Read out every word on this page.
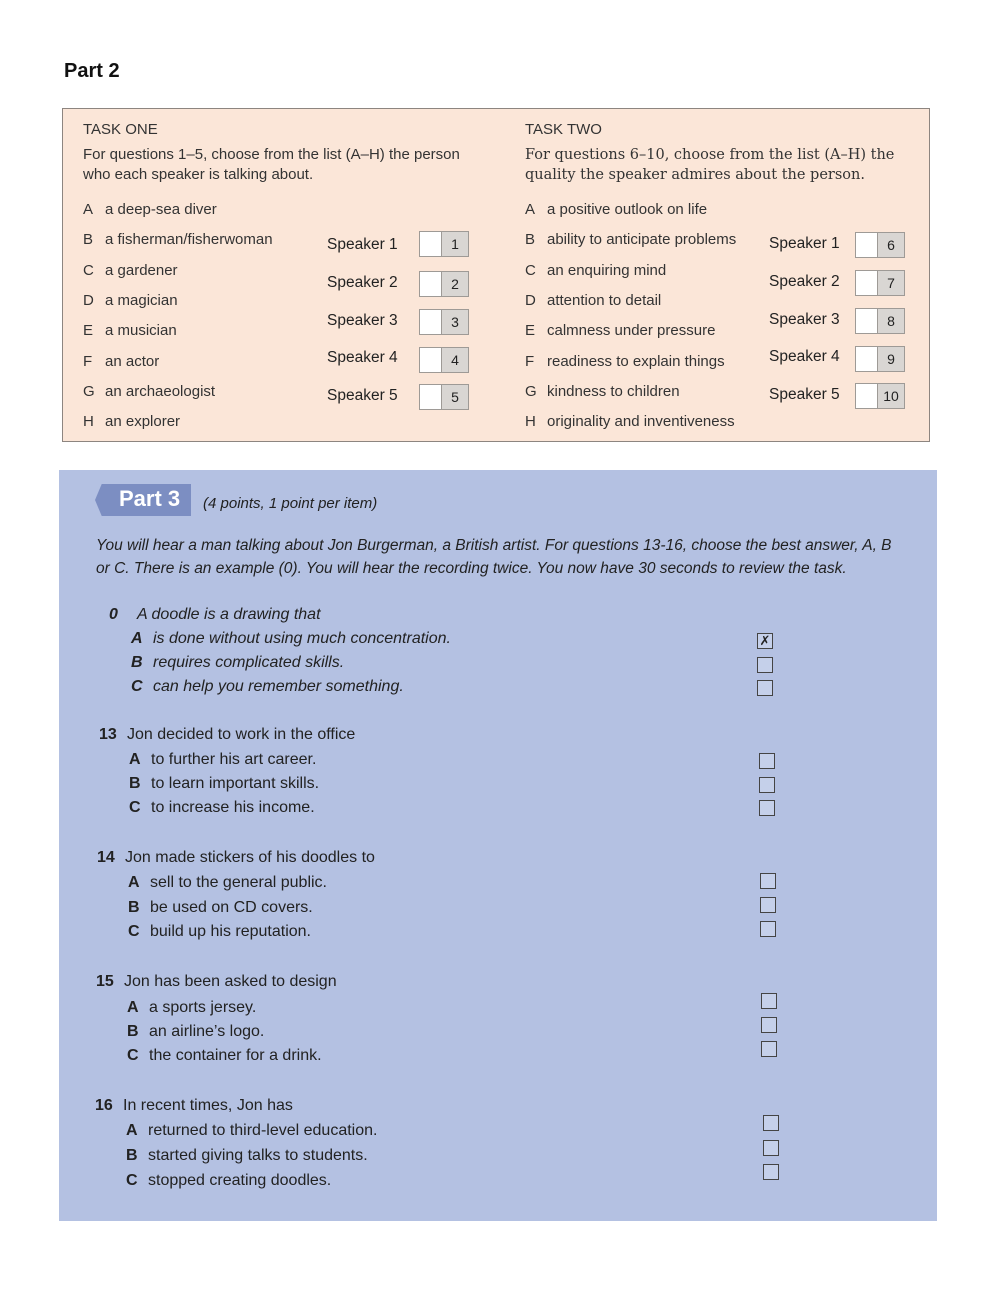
Part 2
TASK ONE
For questions 1–5, choose from the list (A–H) the person
who each speaker is talking about.
A a deep-sea diver
B a fisherman/fisherwoman
C a gardener
D a magician
E a musician
F an actor
G an archaeologist
H an explorer
Speaker 1	1
Speaker 2	2
Speaker 3	3
Speaker 4	4
Speaker 5	5
TASK TWO
For questions 6–10, choose from the list (A–H) the
quality the speaker admires about the person.
A a positive outlook on life
B ability to anticipate problems
C an enquiring mind
D attention to detail
E calmness under pressure
F readiness to explain things
G kindness to children
H originality and inventiveness
Speaker 1	6
Speaker 2	7
Speaker 3	8
Speaker 4	9
Speaker 5	10
Part 3 (4 points, 1 point per item)
You will hear a man talking about Jon Burgerman, a British artist. For questions 13-16, choose the best answer, A, B or C. There is an example (0). You will hear the recording twice. You now have 30 seconds to review the task.
0 A doodle is a drawing that
A is done without using much concentration.
B requires complicated skills.
C can help you remember something.
✗
13 Jon decided to work in the office
A to further his art career.
B to learn important skills.
C to increase his income.
14 Jon made stickers of his doodles to
A sell to the general public.
B be used on CD covers.
C build up his reputation.
15 Jon has been asked to design
A a sports jersey.
B an airline’s logo.
C the container for a drink.
16 In recent times, Jon has
A returned to third-level education.
B started giving talks to students.
C stopped creating doodles.
